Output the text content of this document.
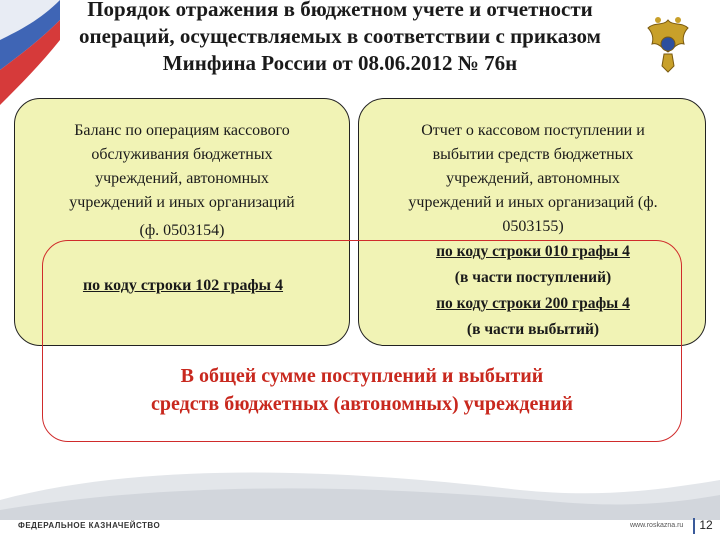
Порядок отражения в бюджетном учете и отчетности
операций, осуществляемых в соответствии с приказом
Минфина России от 08.06.2012 № 76н
Баланс по операциям кассового
обслуживания бюджетных
учреждений, автономных
учреждений и иных организаций
(ф. 0503154)
по коду строки 102 графы 4
Отчет о кассовом поступлении и
выбытии средств бюджетных
учреждений, автономных
учреждений и иных организаций (ф.
0503155)
по коду строки 010 графы 4
(в части поступлений)
по коду строки 200 графы 4
(в части выбытий)
В общей сумме поступлений и выбытий
средств бюджетных (автономных) учреждений
ФЕДЕРАЛЬНОЕ КАЗНАЧЕЙСТВО	www.roskazna.ru 12
